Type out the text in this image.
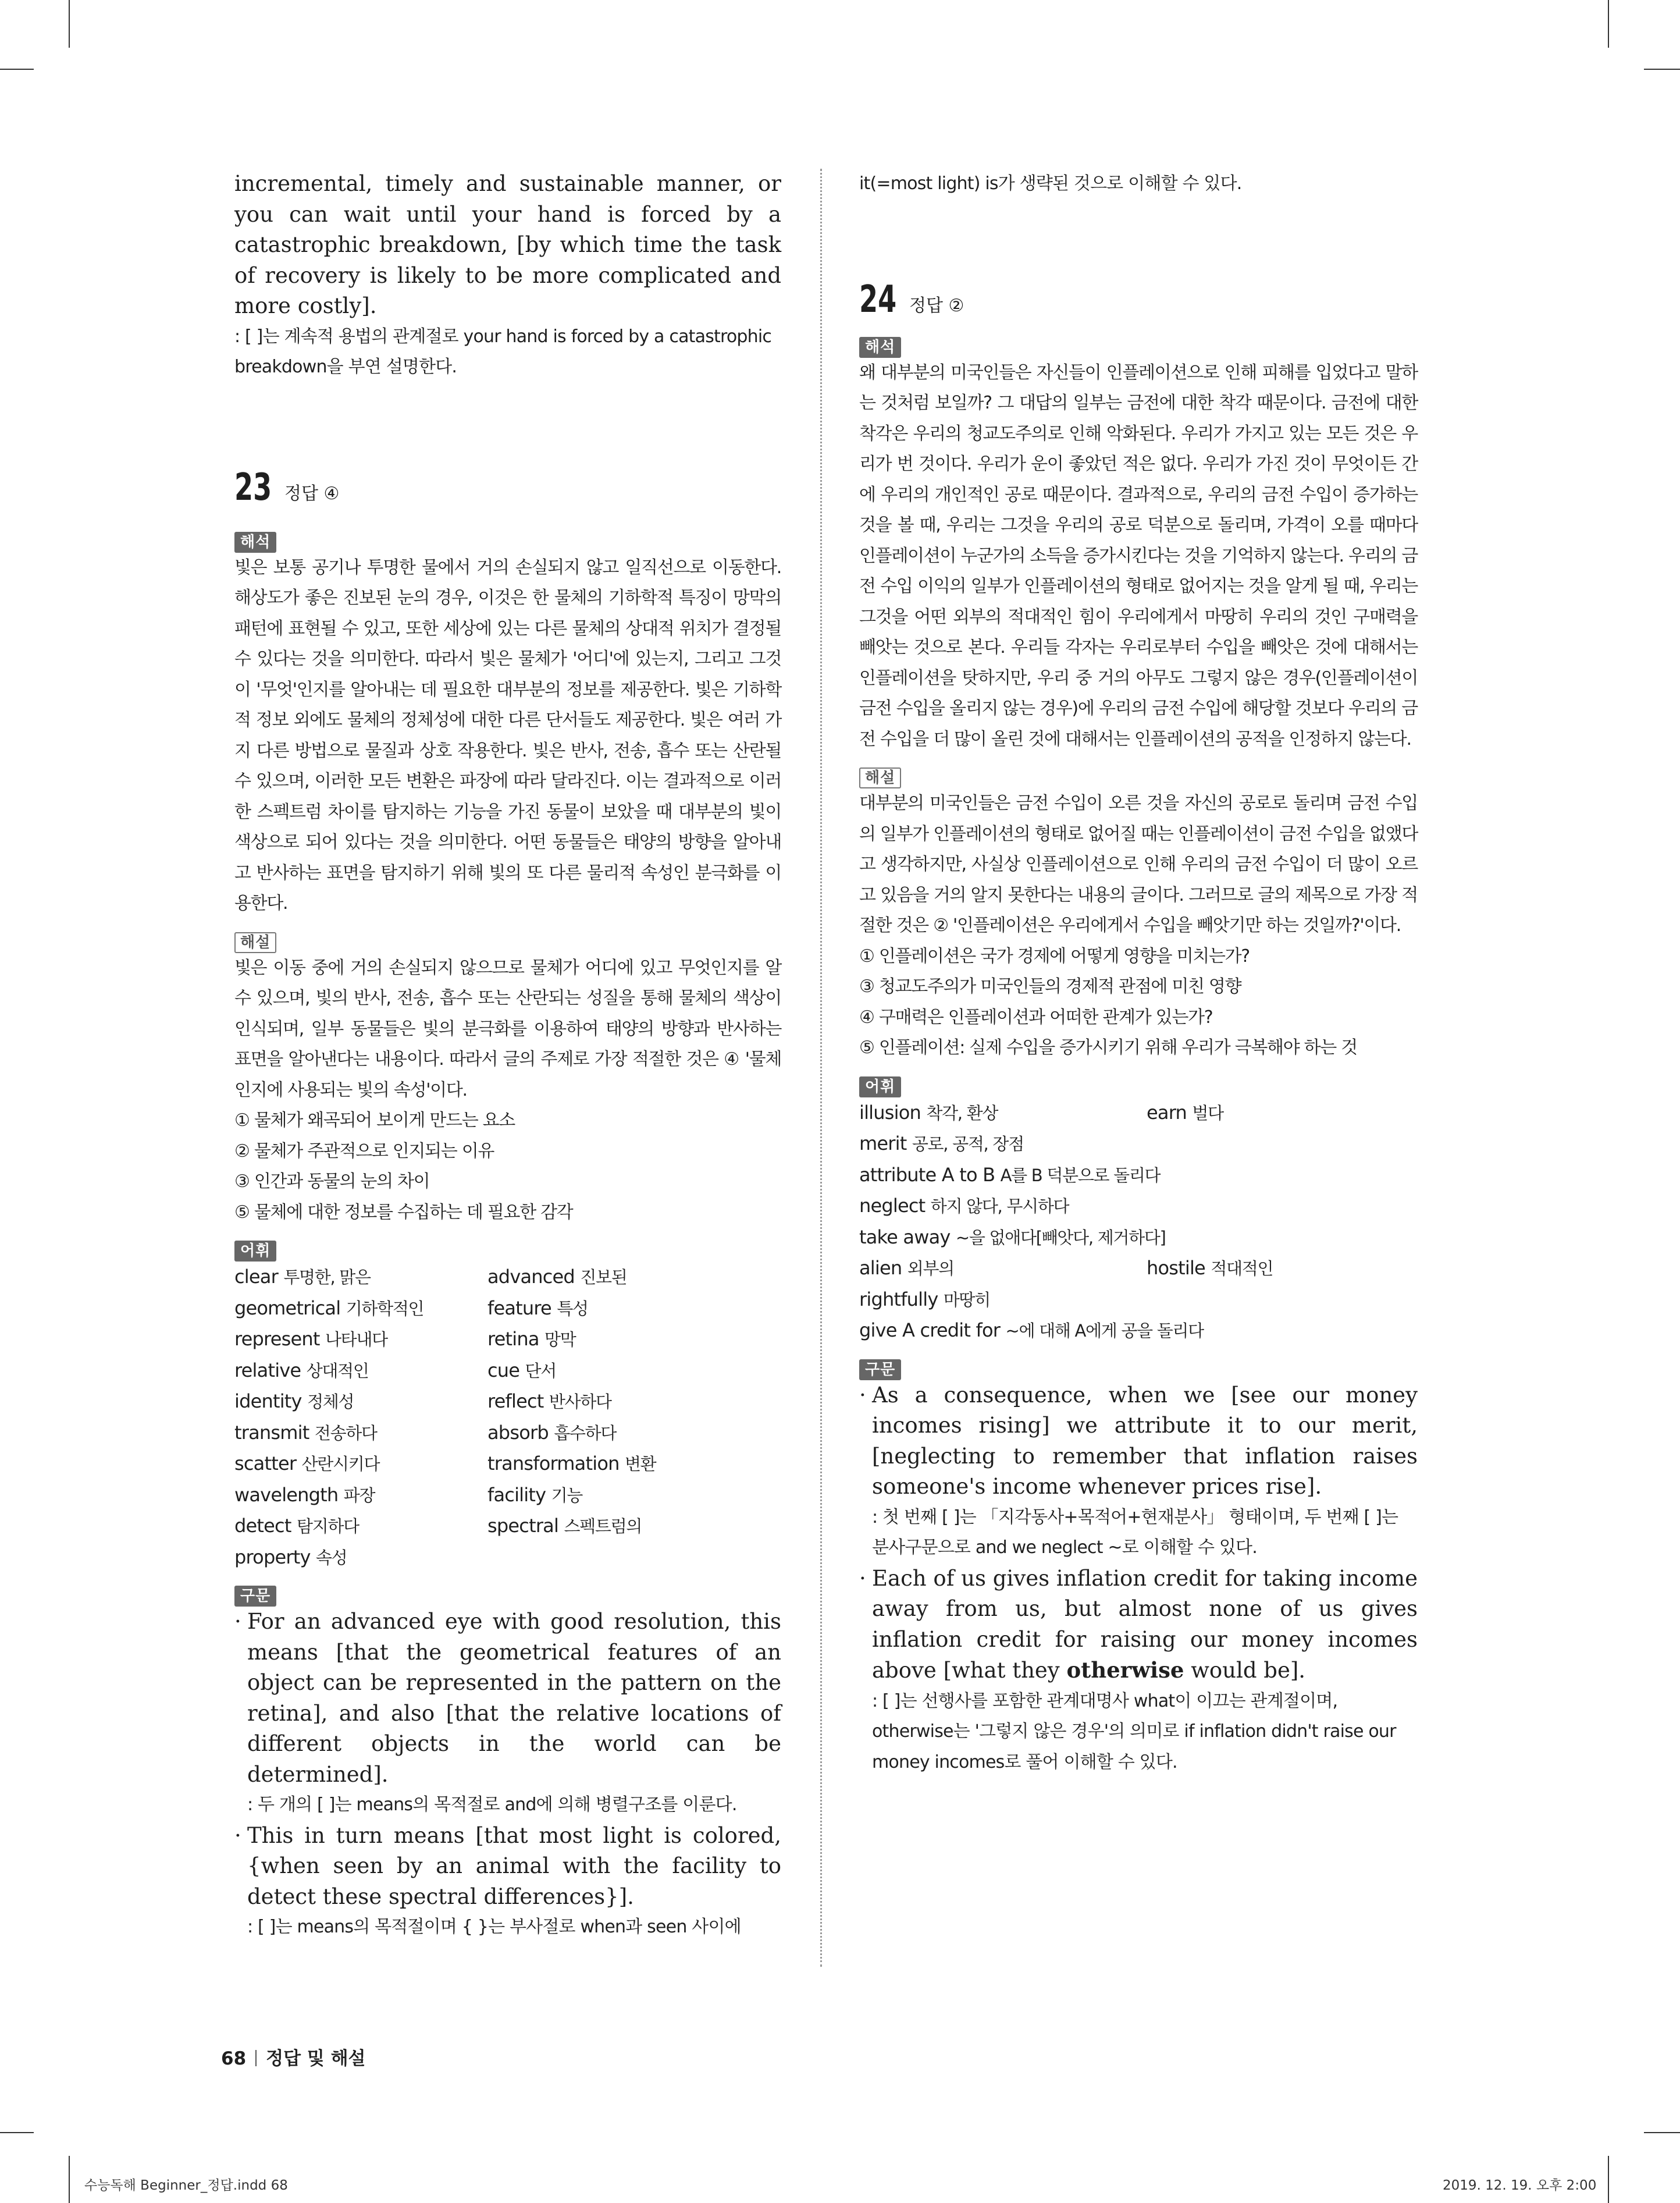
incremental, timely and sustainable manner, or you can wait until your hand is forced by a catastrophic breakdown, [by which time the task of recovery is likely to be more complicated and more costly].

: [ ]는 계속적 용법의 관계절로 your hand is forced by a catastrophic breakdown을 부연 설명한다.

23 정답 ④
해석

빛은 보통 공기나 투명한 물에서 거의 손실되지 않고 일직선으로 이동한다. 해상도가 좋은 진보된 눈의 경우, 이것은 한 물체의 기하학적 특징이 망막의 패턴에 표현될 수 있고, 또한 세상에 있는 다른 물체의 상대적 위치가 결정될 수 있다는 것을 의미한다. 따라서 빛은 물체가 '어디'에 있는지, 그리고 그것이 '무엇'인지를 알아내는 데 필요한 대부분의 정보를 제공한다. 빛은 기하학적 정보 외에도 물체의 정체성에 대한 다른 단서들도 제공한다. 빛은 여러 가지 다른 방법으로 물질과 상호 작용한다. 빛은 반사, 전송, 흡수 또는 산란될 수 있으며, 이러한 모든 변환은 파장에 따라 달라진다. 이는 결과적으로 이러한 스펙트럼 차이를 탐지하는 기능을 가진 동물이 보았을 때 대부분의 빛이 색상으로 되어 있다는 것을 의미한다. 어떤 동물들은 태양의 방향을 알아내고 반사하는 표면을 탐지하기 위해 빛의 또 다른 물리적 속성인 분극화를 이용한다.

해설

빛은 이동 중에 거의 손실되지 않으므로 물체가 어디에 있고 무엇인지를 알 수 있으며, 빛의 반사, 전송, 흡수 또는 산란되는 성질을 통해 물체의 색상이 인식되며, 일부 동물들은 빛의 분극화를 이용하여 태양의 방향과 반사하는 표면을 알아낸다는 내용이다. 따라서 글의 주제로 가장 적절한 것은 ④ '물체 인지에 사용되는 빛의 속성'이다.

① 물체가 왜곡되어 보이게 만드는 요소

② 물체가 주관적으로 인지되는 이유

③ 인간과 동물의 눈의 차이

⑤ 물체에 대한 정보를 수집하는 데 필요한 감각

어휘
clear 투명한, 맑은	advanced 진보된
geometrical 기하학적인	feature 특성
represent 나타내다	retina 망막
relative 상대적인	cue 단서
identity 정체성	reflect 반사하다
transmit 전송하다	absorb 흡수하다
scatter 산란시키다	transformation 변환
wavelength 파장	facility 기능
detect 탐지하다	spectral 스펙트럼의
property 속성
구문
· For an advanced eye with good resolution, this means [that the geometrical features of an object can be represented in the pattern on the retina], and also [that the relative locations of different objects in the world can be determined].

: 두 개의 [ ]는 means의 목적절로 and에 의해 병렬구조를 이룬다.

· This in turn means [that most light is colored, {when seen by an animal with the facility to detect these spectral differences}].

: [ ]는 means의 목적절이며 { }는 부사절로 when과 seen 사이에

it(=most light) is가 생략된 것으로 이해할 수 있다.

24 정답 ②
해석

왜 대부분의 미국인들은 자신들이 인플레이션으로 인해 피해를 입었다고 말하는 것처럼 보일까? 그 대답의 일부는 금전에 대한 착각 때문이다. 금전에 대한 착각은 우리의 청교도주의로 인해 악화된다. 우리가 가지고 있는 모든 것은 우리가 번 것이다. 우리가 운이 좋았던 적은 없다. 우리가 가진 것이 무엇이든 간에 우리의 개인적인 공로 때문이다. 결과적으로, 우리의 금전 수입이 증가하는 것을 볼 때, 우리는 그것을 우리의 공로 덕분으로 돌리며, 가격이 오를 때마다 인플레이션이 누군가의 소득을 증가시킨다는 것을 기억하지 않는다. 우리의 금전 수입 이익의 일부가 인플레이션의 형태로 없어지는 것을 알게 될 때, 우리는 그것을 어떤 외부의 적대적인 힘이 우리에게서 마땅히 우리의 것인 구매력을 빼앗는 것으로 본다. 우리들 각자는 우리로부터 수입을 빼앗은 것에 대해서는 인플레이션을 탓하지만, 우리 중 거의 아무도 그렇지 않은 경우(인플레이션이 금전 수입을 올리지 않는 경우)에 우리의 금전 수입에 해당할 것보다 우리의 금전 수입을 더 많이 올린 것에 대해서는 인플레이션의 공적을 인정하지 않는다.

해설

대부분의 미국인들은 금전 수입이 오른 것을 자신의 공로로 돌리며 금전 수입의 일부가 인플레이션의 형태로 없어질 때는 인플레이션이 금전 수입을 없앴다고 생각하지만, 사실상 인플레이션으로 인해 우리의 금전 수입이 더 많이 오르고 있음을 거의 알지 못한다는 내용의 글이다. 그러므로 글의 제목으로 가장 적절한 것은 ② '인플레이션은 우리에게서 수입을 빼앗기만 하는 것일까?'이다.

① 인플레이션은 국가 경제에 어떻게 영향을 미치는가?

③ 청교도주의가 미국인들의 경제적 관점에 미친 영향

④ 구매력은 인플레이션과 어떠한 관계가 있는가?

⑤ 인플레이션: 실제 수입을 증가시키기 위해 우리가 극복해야 하는 것

어휘
illusion 착각, 환상	earn 벌다
merit 공로, 공적, 장점
attribute A to B A를 B 덕분으로 돌리다
neglect 하지 않다, 무시하다
take away ~을 없애다[빼앗다, 제거하다]
alien 외부의	hostile 적대적인
rightfully 마땅히
give A credit for ~에 대해 A에게 공을 돌리다
구문
· As a consequence, when we [see our money incomes rising] we attribute it to our merit, [neglecting to remember that inflation raises someone's income whenever prices rise].

: 첫 번째 [ ]는 「지각동사+목적어+현재분사」 형태이며, 두 번째 [ ]는 분사구문으로 and we neglect ~로 이해할 수 있다.

· Each of us gives inflation credit for taking income away from us, but almost none of us gives inflation credit for raising our money incomes above [what they otherwise would be].

: [ ]는 선행사를 포함한 관계대명사 what이 이끄는 관계절이며, otherwise는 '그렇지 않은 경우'의 의미로 if inflation didn't raise our money incomes로 풀어 이해할 수 있다.

68 정답 및 해설
수능독해 Beginner_정답.indd 68	2019. 12. 19. 오후 2:00
